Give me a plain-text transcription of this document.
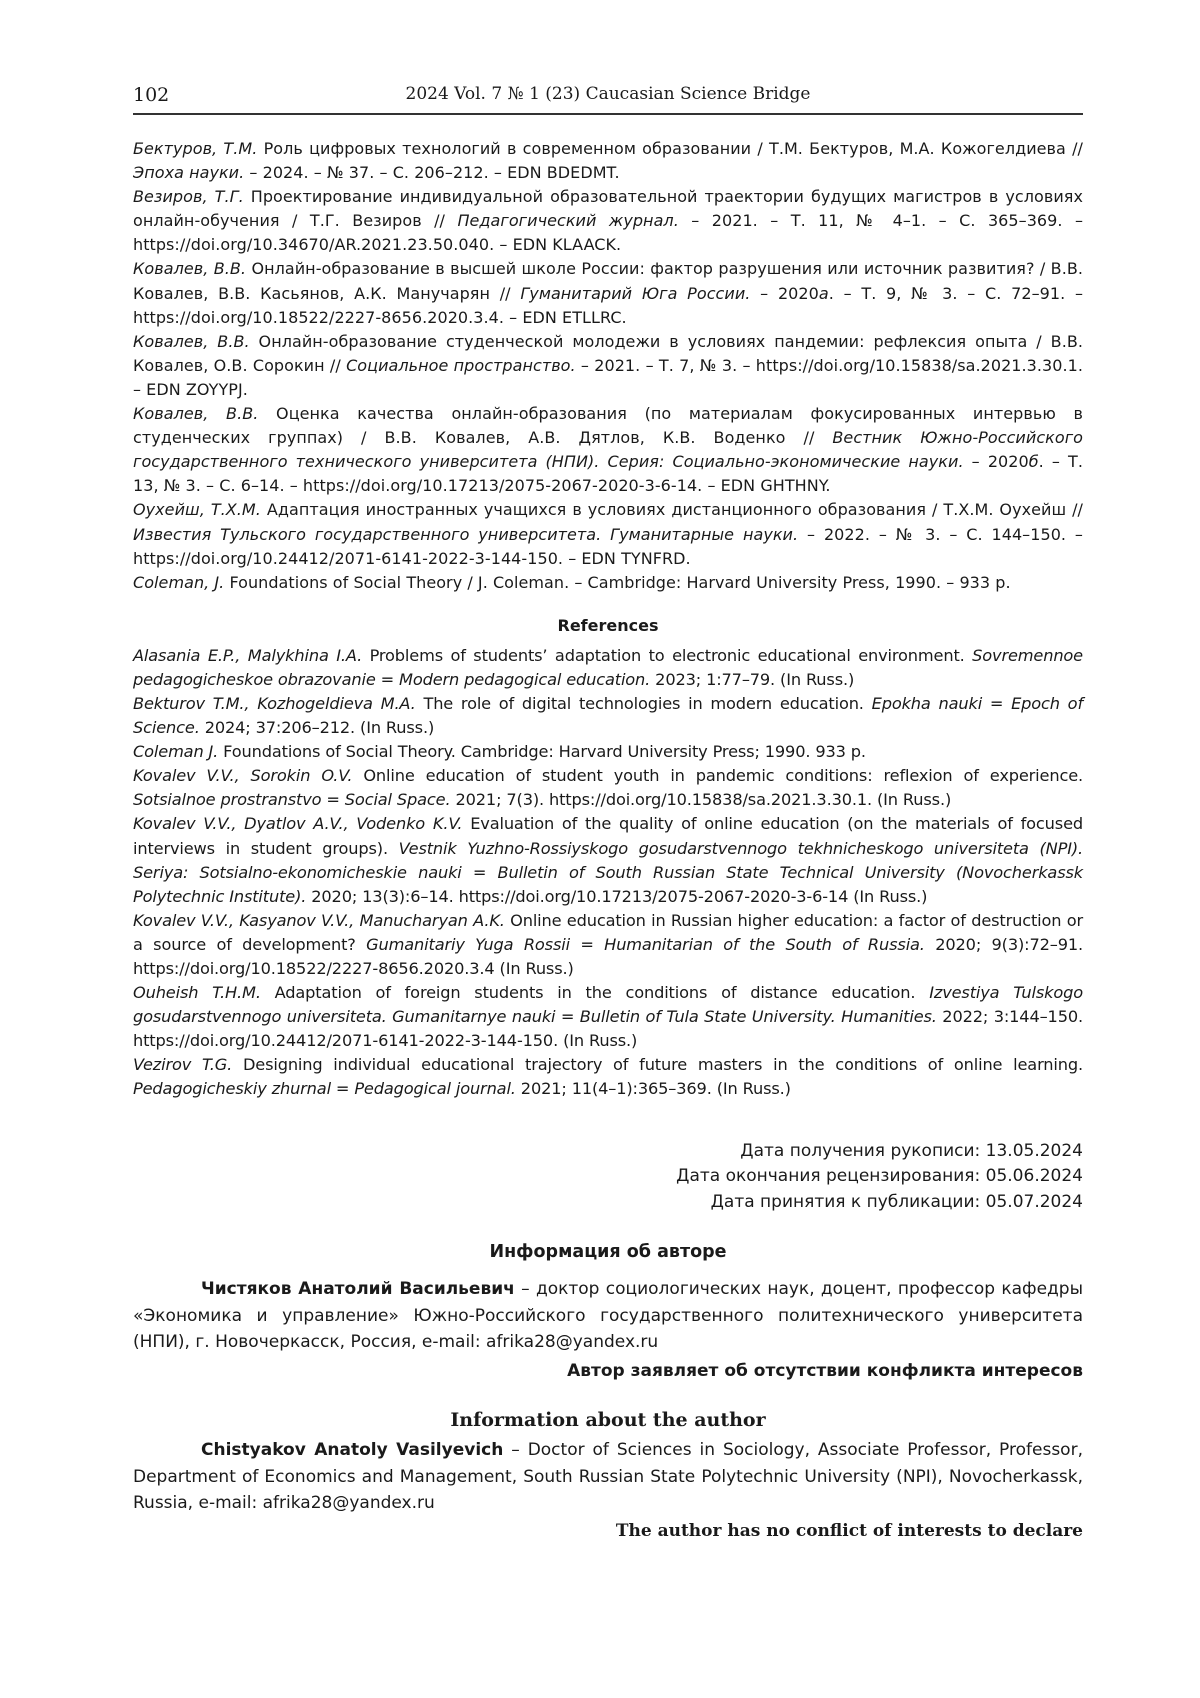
102	2024 Vol. 7 № 1 (23) Caucasian Science Bridge

Бектуров, Т.М. Роль цифровых технологий в современном образовании / Т.М. Бектуров, М.А. Кожогелдиева // Эпоха науки. – 2024. – № 37. – С. 206–212. – EDN BDEDMT.

Везиров, Т.Г. Проектирование индивидуальной образовательной траектории будущих магистров в условиях онлайн-обучения / Т.Г. Везиров // Педагогический журнал. – 2021. – Т. 11, № 4–1. – С. 365–369. – https://doi.org/10.34670/AR.2021.23.50.040. – EDN KLAACK.

Ковалев, В.В. Онлайн-образование в высшей школе России: фактор разрушения или источник развития? / В.В. Ковалев, В.В. Касьянов, А.К. Манучарян // Гуманитарий Юга России. – 2020а. – Т. 9, № 3. – С. 72–91. – https://doi.org/10.18522/2227-8656.2020.3.4. – EDN ETLLRC.

Ковалев, В.В. Онлайн-образование студенческой молодежи в условиях пандемии: рефлексия опыта / В.В. Ковалев, О.В. Сорокин // Социальное пространство. – 2021. – Т. 7, № 3. – https://doi.org/10.15838/sa.2021.3.30.1. – EDN ZOYYPJ.

Ковалев, В.В. Оценка качества онлайн-образования (по материалам фокусированных интервью в студенческих группах) / В.В. Ковалев, А.В. Дятлов, К.В. Воденко // Вестник Южно-Российского государственного технического университета (НПИ). Серия: Социально-экономические науки. – 2020б. – Т. 13, № 3. – С. 6–14. – https://doi.org/10.17213/2075-2067-2020-3-6-14. – EDN GHTHNY.

Оухейш, Т.Х.М. Адаптация иностранных учащихся в условиях дистанционного образования / Т.Х.М. Оухейш // Известия Тульского государственного университета. Гуманитарные науки. – 2022. – № 3. – С. 144–150. – https://doi.org/10.24412/2071-6141-2022-3-144-150. – EDN TYNFRD.

Coleman, J. Foundations of Social Theory / J. Coleman. – Cambridge: Harvard University Press, 1990. – 933 p.

References

Alasania E.P., Malykhina I.A. Problems of students’ adaptation to electronic educational environment. Sovremennoe pedagogicheskoe obrazovanie = Modern pedagogical education. 2023; 1:77–79. (In Russ.)

Bekturov T.M., Kozhogeldieva M.A. The role of digital technologies in modern education. Epokha nauki = Epoch of Science. 2024; 37:206–212. (In Russ.)

Coleman J. Foundations of Social Theory. Cambridge: Harvard University Press; 1990. 933 p.

Kovalev V.V., Sorokin O.V. Online education of student youth in pandemic conditions: reflexion of experience. Sotsialnoe prostranstvo = Social Space. 2021; 7(3). https://doi.org/10.15838/sa.2021.3.30.1. (In Russ.)

Kovalev V.V., Dyatlov A.V., Vodenko K.V. Evaluation of the quality of online education (on the materials of focused interviews in student groups). Vestnik Yuzhno-Rossiyskogo gosudarstvennogo tekhnicheskogo universiteta (NPI). Seriya: Sotsialno-ekonomicheskie nauki = Bulletin of South Russian State Technical University (Novocherkassk Polytechnic Institute). 2020; 13(3):6–14. https://doi.org/10.17213/2075-2067-2020-3-6-14 (In Russ.)

Kovalev V.V., Kasyanov V.V., Manucharyan A.K. Online education in Russian higher education: a factor of destruction or a source of development? Gumanitariy Yuga Rossii = Humanitarian of the South of Russia. 2020; 9(3):72–91. https://doi.org/10.18522/2227-8656.2020.3.4 (In Russ.)

Ouheish T.H.M. Adaptation of foreign students in the conditions of distance education. Izvestiya Tulskogo gosudarstvennogo universiteta. Gumanitarnye nauki = Bulletin of Tula State University. Humanities. 2022; 3:144–150. https://doi.org/10.24412/2071-6141-2022-3-144-150. (In Russ.)

Vezirov T.G. Designing individual educational trajectory of future masters in the conditions of online learning. Pedagogicheskiy zhurnal = Pedagogical journal. 2021; 11(4–1):365–369. (In Russ.)

Дата получения рукописи: 13.05.2024
Дата окончания рецензирования: 05.06.2024
Дата принятия к публикации: 05.07.2024
Информация об авторе

Чистяков Анатолий Васильевич – доктор социологических наук, доцент, профессор кафедры «Экономика и управление» Южно-Российского государственного политехнического университета (НПИ), г. Новочеркасск, Россия, e-mail: afrika28@yandex.ru

Автор заявляет об отсутствии конфликта интересов
Information about the author

Chistyakov Anatoly Vasilyevich – Doctor of Sciences in Sociology, Associate Professor, Professor, Department of Economics and Management, South Russian State Polytechnic University (NPI), Novocherkassk, Russia, e-mail: afrika28@yandex.ru

The author has no conflict of interests to declare
